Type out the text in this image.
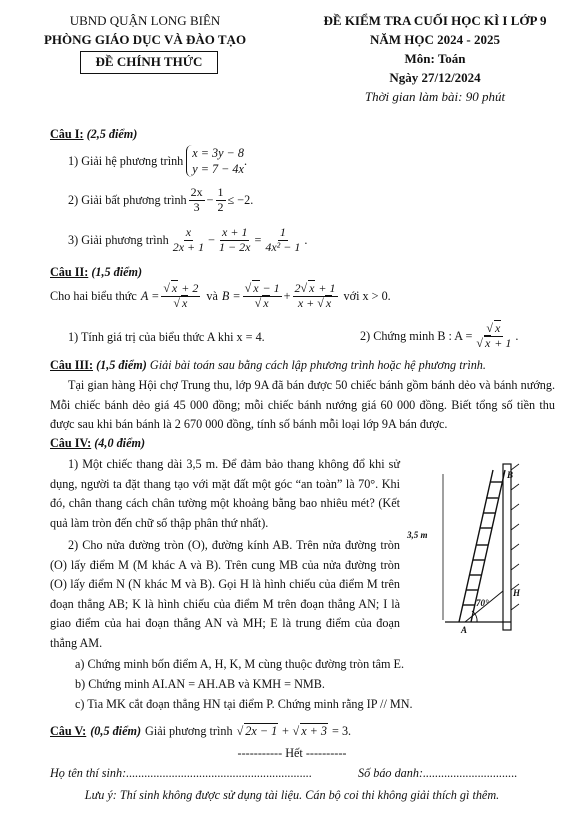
UBND QUẬN LONG BIÊN
PHÒNG GIÁO DỤC VÀ ĐÀO TẠO
ĐỀ CHÍNH THỨC
ĐỀ KIỂM TRA CUỐI HỌC KÌ I LỚP 9
NĂM HỌC 2024 - 2025
Môn: Toán
Ngày 27/12/2024
Thời gian làm bài: 90 phút
Câu I: (2,5 điểm)
1) Giải hệ phương trình
x = 3y − 8
y = 7 − 4x
.
2) Giải bất phương trình $\frac{2x}{3} - \frac{1}{2} \le -2$.
3) Giải phương trình $\frac{x}{2x + 1} - \frac{x + 1}{1 - 2x} = \frac{1}{\text{4x² − 1}}$ .
Câu II: (1,5 điểm)
Cho hai biểu thức $A = \frac{√ x + 2}{√ x}$ và $B = \frac{√ x - 1}{√ x} + \frac{2√ x + 1}{x + √ x}$ với x > 0.
1) Tính giá trị của biểu thức A khi x = 4.	2) Chứng minh B : $A = \frac{√ x}{√ x + 1}$ .
Câu III: (1,5 điểm) Giải bài toán sau bằng cách lập phương trình hoặc hệ phương trình.
Tại gian hàng Hội chợ Trung thu, lớp 9A đã bán được 50 chiếc bánh gồm bánh dẻo và bánh nướng. Mỗi chiếc bánh dẻo giá 45 000 đồng; mỗi chiếc bánh nướng giá 60 000 đồng. Biết tổng số tiền thu được sau khi bán bánh là 2 670 000 đồng, tính số bánh mỗi loại lớp 9A bán được.
Câu IV: (4,0 điểm)
1) Một chiếc thang dài 3,5 m. Để đảm bảo thang không đổ khi sử dụng, người ta đặt thang tạo với mặt đất một góc “an toàn” là 70°. Khi đó, chân thang cách chân tường một khoảng bằng bao nhiêu mét? (Kết quả làm tròn đến chữ số thập phân thứ nhất).
2) Cho nửa đường tròn (O), đường kính AB. Trên nửa đường tròn (O) lấy điểm M (M khác A và B). Trên cung MB của nửa đường tròn (O) lấy điểm N (N khác M và B). Gọi H là hình chiếu của điểm M trên đoạn thẳng AB; K là hình chiếu của điểm M trên đoạn thẳng AN; I là giao điểm của hai đoạn thẳng AN và MH; E là trung điểm của đoạn thẳng AM.
a) Chứng minh bốn điểm A, H, K, M cùng thuộc đường tròn tâm E.
b) Chứng minh AI.AN = AH.AB và KMH = NMB.
c) Tia MK cắt đoạn thẳng HN tại điểm P. Chứng minh rằng IP // MN.
3,5 m
70°
B
H
A
Câu V: (0,5 điểm) Giải phương trình √ 2x − 1 + √ x + 3 = 3.
----------- Hết ----------
Họ tên thí sinh:.............................................................	Số báo danh:...............................
Lưu ý: Thí sinh không được sử dụng tài liệu. Cán bộ coi thi không giải thích gì thêm.
